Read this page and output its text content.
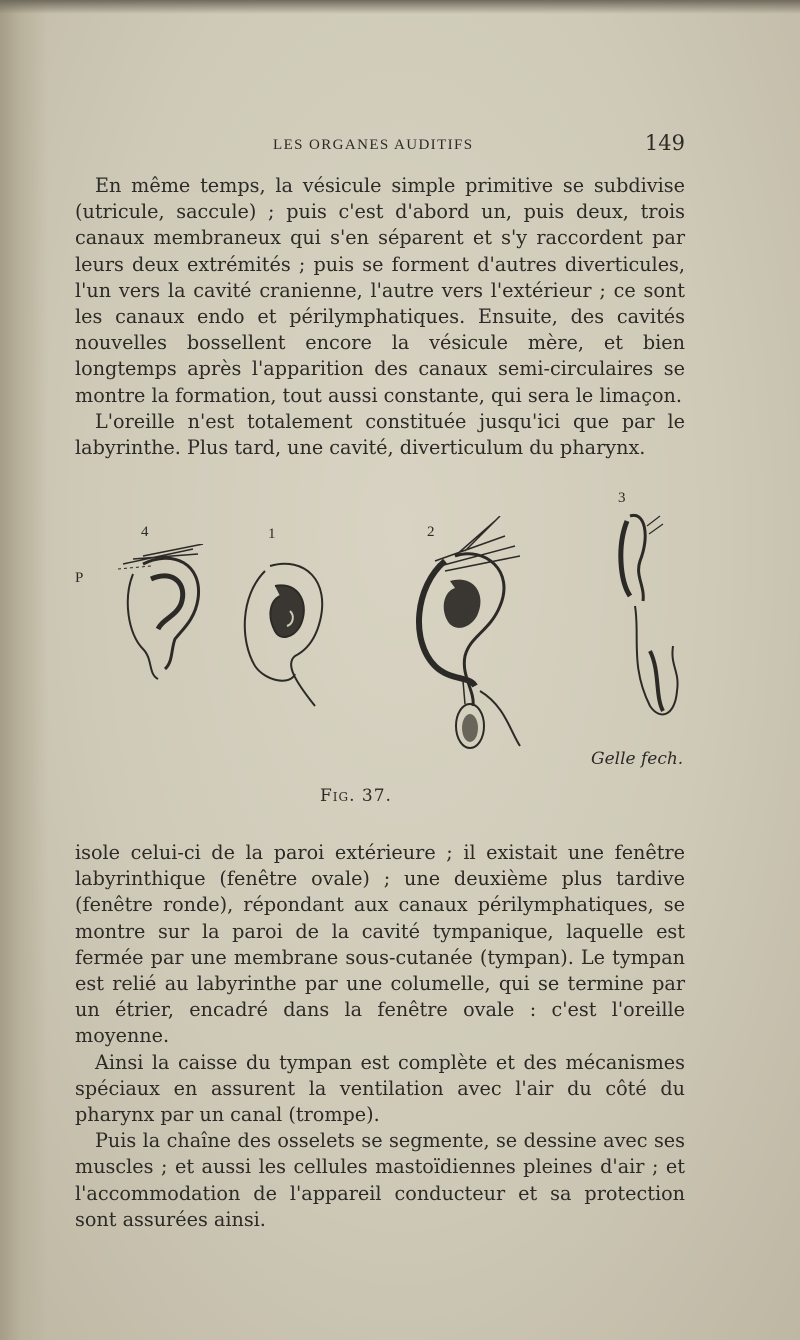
LES ORGANES AUDITIFS	149

En même temps, la vésicule simple primitive se subdivise (utricule, saccule) ; puis c'est d'abord un, puis deux, trois canaux membraneux qui s'en séparent et s'y raccordent par leurs deux extrémités ; puis se forment d'autres diverticules, l'un vers la cavité cranienne, l'autre vers l'extérieur ; ce sont les canaux endo et périlymphatiques. Ensuite, des cavités nouvelles bossellent encore la vésicule mère, et bien longtemps après l'apparition des canaux semi-circulaires se montre la formation, tout aussi constante, qui sera le limaçon.

L'oreille n'est totalement constituée jusqu'ici que par le labyrinthe. Plus tard, une cavité, diverticulum du pharynx.

4	1	2
3
P
Gelle fech.
Fig. 37.

isole celui-ci de la paroi extérieure ; il existait une fenêtre labyrinthique (fenêtre ovale) ; une deuxième plus tardive (fenêtre ronde), répondant aux canaux périlymphatiques, se montre sur la paroi de la cavité tympanique, laquelle est fermée par une membrane sous-cutanée (tympan). Le tympan est relié au labyrinthe par une columelle, qui se termine par un étrier, encadré dans la fenêtre ovale : c'est l'oreille moyenne.

Ainsi la caisse du tympan est complète et des mécanismes spéciaux en assurent la ventilation avec l'air du côté du pharynx par un canal (trompe).

Puis la chaîne des osselets se segmente, se dessine avec ses muscles ; et aussi les cellules mastoïdiennes pleines d'air ; et l'accommodation de l'appareil conducteur et sa protection sont assurées ainsi.
